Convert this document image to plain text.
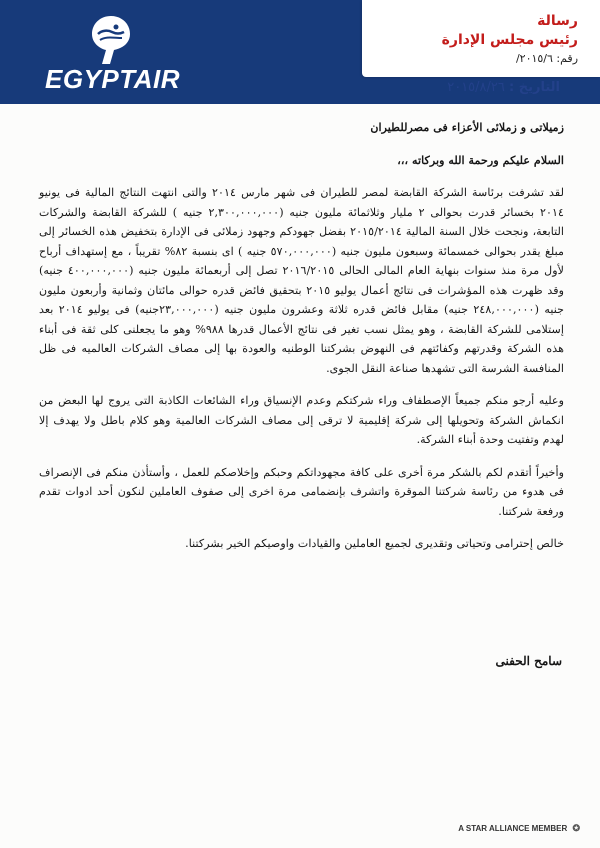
EGYPTAIR
رسالة
رئيس مجلس الإدارة
رقم: ٢٠١٥/٦/
التاريخ : ٢٠١٥/٨/٢٦

زميلاتى و زملائى الأعزاء فى مصرللطيران

السلام عليكم ورحمة الله وبركاته ،،،

لقد تشرفت برئاسة الشركة القابضة لمصر للطيران فى شهر مارس ٢٠١٤ والتى انتهت النتائج المالية فى يونيو ٢٠١٤ بخسائر قدرت بحوالى ٢ مليار وثلاثمائة مليون جنيه (٢,٣٠٠,٠٠٠,٠٠٠ جنيه ) للشركة القابضة والشركات التابعة، ونجحت خلال السنة المالية ٢٠١٥/٢٠١٤ بفضل جهودكم وجهود زملائى فى الإدارة بتخفيض هذه الخسائر إلى مبلغ يقدر بحوالى خمسمائة وسبعون مليون جنيه (٥٧٠,٠٠٠,٠٠٠ جنيه ) اى بنسبة ٨٢% تقريباً ، مع إستهداف أرباح لأول مرة منذ سنوات بنهاية العام المالى الحالى ٢٠١٦/٢٠١٥ تصل إلى أربعمائة مليون جنيه (٤٠٠,٠٠٠,٠٠٠ جنيه) وقد ظهرت هذه المؤشرات فى نتائج أعمال يوليو ٢٠١٥ بتحقيق فائض قدره حوالى مائتان وثمانية وأربعون مليون جنيه (٢٤٨,٠٠٠,٠٠٠ جنيه) مقابل فائض قدره ثلاثة وعشرون مليون جنيه (٢٣,٠٠٠,٠٠٠جنيه) فى يوليو ٢٠١٤ بعد إستلامى للشركة القابضة ، وهو يمثل نسب تغير فى نتائج الأعمال قدرها ٩٨٨% وهو ما يجعلنى كلى ثقة فى أبناء هذه الشركة وقدرتهم وكفائتهم فى النهوض بشركتنا الوطنيه والعودة بها إلى مصاف الشركات العالميه فى ظل المنافسة الشرسة التى تشهدها صناعة النقل الجوى.

وعليه أرجو منكم جميعاً الإصطفاف وراء شركتكم وعدم الإنسياق وراء الشائعات الكاذبة التى يروج لها البعض من انكماش الشركة وتحويلها إلى شركة إقليمية لا ترقى إلى مصاف الشركات العالمية وهو كلام باطل ولا يهدف إلا لهدم وتفتيت وحدة أبناء الشركة.

وأخيراً أتقدم لكم بالشكر مرة أخرى على كافة مجهوداتكم وحبكم وإخلاصكم للعمل ، وأستأذن منكم فى الإنصراف فى هدوء من رئاسة شركتنا الموقرة واتشرف بإنضمامى مرة اخرى إلى صفوف العاملين لنكون أحد ادوات تقدم ورفعة شركتنا.

خالص إحترامى وتحياتى وتقديرى لجميع العاملين والقيادات واوصيكم الخير بشركتنا.

سامح الحفنى
A STAR ALLIANCE MEMBER ✪
